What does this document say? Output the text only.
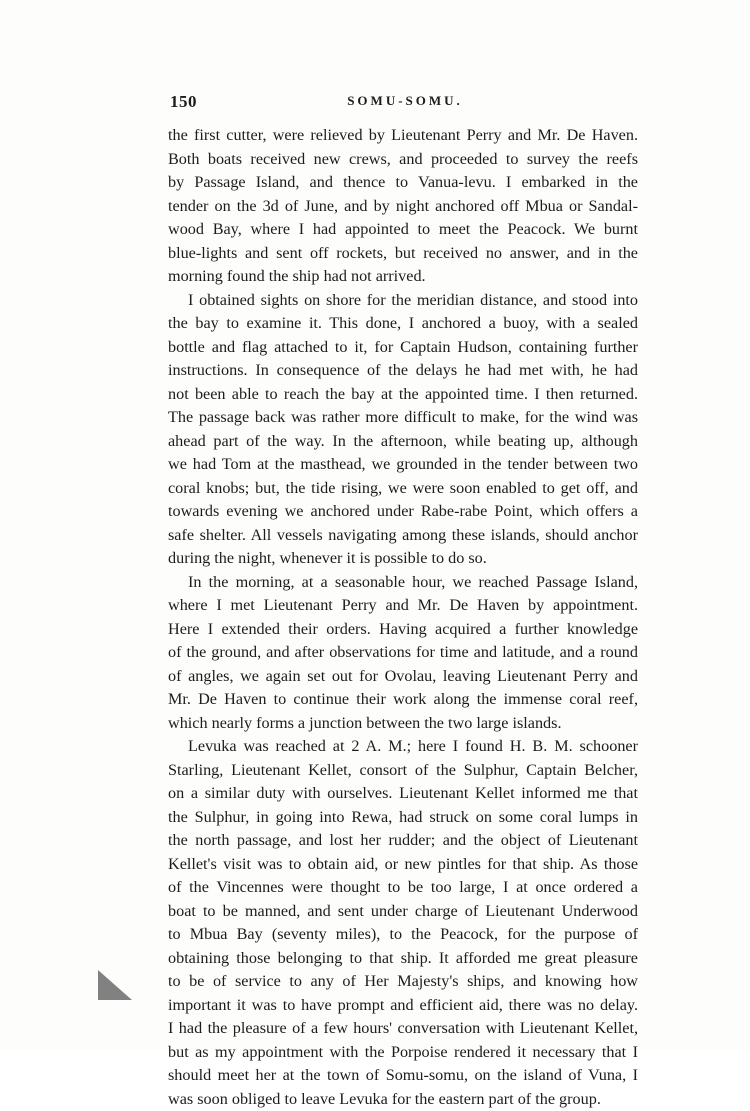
150	SOMU-SOMU.
the first cutter, were relieved by Lieutenant Perry and Mr. De Haven.
Both boats received new crews, and proceeded to survey the reefs
by Passage Island, and thence to Vanua-levu. I embarked in the
tender on the 3d of June, and by night anchored off Mbua or Sandal-
wood Bay, where I had appointed to meet the Peacock. We burnt
blue-lights and sent off rockets, but received no answer, and in the
morning found the ship had not arrived.
I obtained sights on shore for the meridian distance, and stood into
the bay to examine it. This done, I anchored a buoy, with a sealed
bottle and flag attached to it, for Captain Hudson, containing further
instructions. In consequence of the delays he had met with, he had
not been able to reach the bay at the appointed time. I then returned.
The passage back was rather more difficult to make, for the wind was
ahead part of the way. In the afternoon, while beating up, although
we had Tom at the masthead, we grounded in the tender between two
coral knobs; but, the tide rising, we were soon enabled to get off, and
towards evening we anchored under Rabe-rabe Point, which offers a
safe shelter. All vessels navigating among these islands, should anchor
during the night, whenever it is possible to do so.
In the morning, at a seasonable hour, we reached Passage Island,
where I met Lieutenant Perry and Mr. De Haven by appointment.
Here I extended their orders. Having acquired a further knowledge
of the ground, and after observations for time and latitude, and a round
of angles, we again set out for Ovolau, leaving Lieutenant Perry and
Mr. De Haven to continue their work along the immense coral reef,
which nearly forms a junction between the two large islands.
Levuka was reached at 2 A. M.; here I found H. B. M. schooner
Starling, Lieutenant Kellet, consort of the Sulphur, Captain Belcher,
on a similar duty with ourselves. Lieutenant Kellet informed me that
the Sulphur, in going into Rewa, had struck on some coral lumps in
the north passage, and lost her rudder; and the object of Lieutenant
Kellet's visit was to obtain aid, or new pintles for that ship. As those
of the Vincennes were thought to be too large, I at once ordered a
boat to be manned, and sent under charge of Lieutenant Underwood
to Mbua Bay (seventy miles), to the Peacock, for the purpose of
obtaining those belonging to that ship. It afforded me great pleasure
to be of service to any of Her Majesty's ships, and knowing how
important it was to have prompt and efficient aid, there was no delay.
I had the pleasure of a few hours' conversation with Lieutenant Kellet,
but as my appointment with the Porpoise rendered it necessary that I
should meet her at the town of Somu-somu, on the island of Vuna, I
was soon obliged to leave Levuka for the eastern part of the group.
